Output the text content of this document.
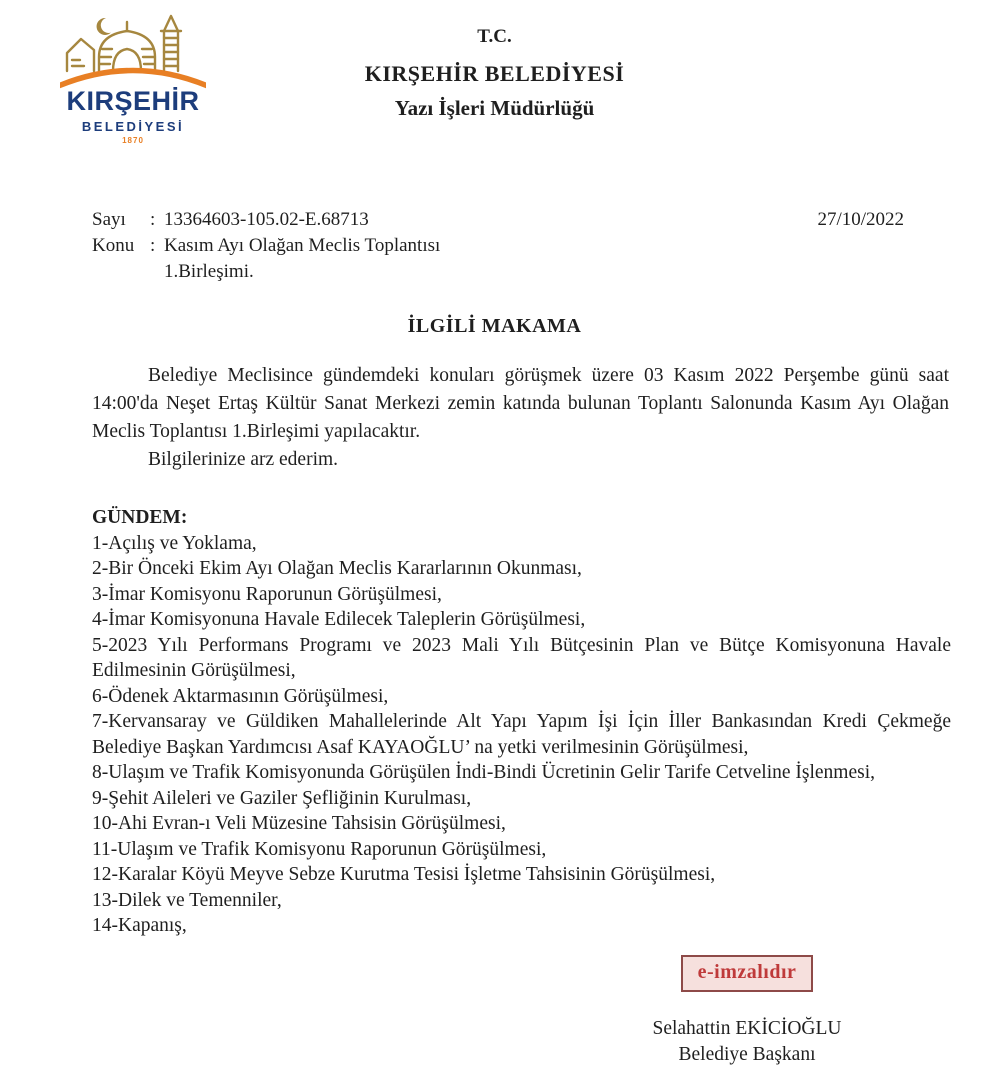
KIRŞEHİR
BELEDİYESİ
1870
T.C.
KIRŞEHİR BELEDİYESİ
Yazı İşleri Müdürlüğü
Sayı	: 13364603-105.02-E.68713
Konu : Kasım Ayı Olağan Meclis Toplantısı
1.Birleşimi.
27/10/2022
İLGİLİ MAKAMA

Belediye Meclisince gündemdeki konuları görüşmek üzere 03 Kasım 2022 Perşembe günü saat 14:00'da Neşet Ertaş Kültür Sanat Merkezi zemin katında bulunan Toplantı Salonunda Kasım Ayı Olağan Meclis Toplantısı 1.Birleşimi yapılacaktır.

Bilgilerinize arz ederim.

GÜNDEM:
1-Açılış ve Yoklama,
2-Bir Önceki Ekim Ayı Olağan Meclis Kararlarının Okunması,
3-İmar Komisyonu Raporunun Görüşülmesi,
4-İmar Komisyonuna Havale Edilecek Taleplerin Görüşülmesi,
5-2023 Yılı Performans Programı ve 2023 Mali Yılı Bütçesinin Plan ve Bütçe Komisyonuna Havale Edilmesinin Görüşülmesi,
6-Ödenek Aktarmasının Görüşülmesi,
7-Kervansaray ve Güldiken Mahallelerinde Alt Yapı Yapım İşi İçin İller Bankasından Kredi Çekmeğe Belediye Başkan Yardımcısı Asaf KAYAOĞLU’ na yetki verilmesinin Görüşülmesi,
8-Ulaşım ve Trafik Komisyonunda Görüşülen İndi-Bindi Ücretinin Gelir Tarife Cetveline İşlenmesi,
9-Şehit Aileleri ve Gaziler Şefliğinin Kurulması,
10-Ahi Evran-ı Veli Müzesine Tahsisin Görüşülmesi,
11-Ulaşım ve Trafik Komisyonu Raporunun Görüşülmesi,
12-Karalar Köyü Meyve Sebze Kurutma Tesisi İşletme Tahsisinin Görüşülmesi,
13-Dilek ve Temenniler,
14-Kapanış,
e-imzalıdır
Selahattin EKİCİOĞLU
Belediye Başkanı
